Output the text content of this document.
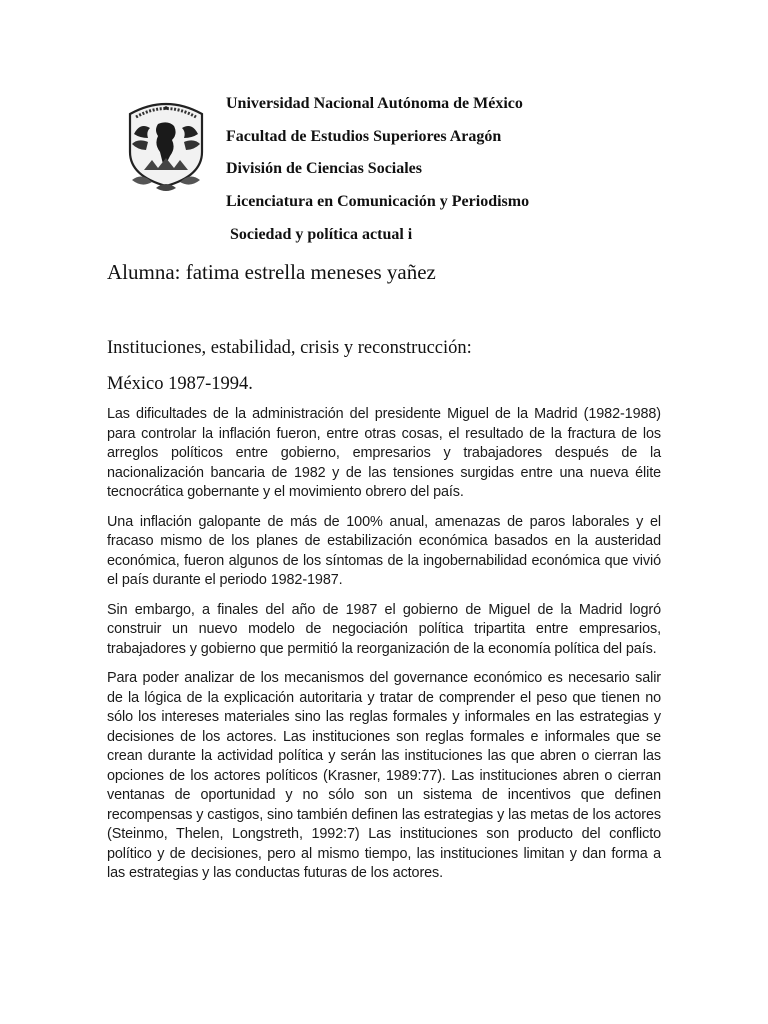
Universidad Nacional Autónoma de México
Facultad de Estudios Superiores Aragón
División de Ciencias Sociales
Licenciatura en Comunicación y Periodismo
Sociedad y política actual i
Alumna: fatima estrella meneses yañez
Instituciones, estabilidad, crisis y reconstrucción:
México 1987-1994.

Las dificultades de la administración del presidente Miguel de la Madrid (1982-1988) para controlar la inflación fueron, entre otras cosas, el resultado de la fractura de los arreglos políticos entre gobierno, empresarios y trabajadores después de la nacionalización bancaria de 1982 y de las tensiones surgidas entre una nueva élite tecnocrática gobernante y el movimiento obrero del país.

Una inflación galopante de más de 100% anual, amenazas de paros laborales y el fracaso mismo de los planes de estabilización económica basados en la austeridad económica, fueron algunos de los síntomas de la ingobernabilidad económica que vivió el país durante el periodo 1982-1987.

Sin embargo, a finales del año de 1987 el gobierno de Miguel de la Madrid logró construir un nuevo modelo de negociación política tripartita entre empresarios, trabajadores y gobierno que permitió la reorganización de la economía política del país.

Para poder analizar de los mecanismos del governance económico es necesario salir de la lógica de la explicación autoritaria y tratar de comprender el peso que tienen no sólo los intereses materiales sino las reglas formales y informales en las estrategias y decisiones de los actores. Las instituciones son reglas formales e informales que se crean durante la actividad política y serán las instituciones las que abren o cierran las opciones de los actores políticos (Krasner, 1989:77). Las instituciones abren o cierran ventanas de oportunidad y no sólo son un sistema de incentivos que definen recompensas y castigos, sino también definen las estrategias y las metas de los actores (Steinmo, Thelen, Longstreth, 1992:7) Las instituciones son producto del conflicto político y de decisiones, pero al mismo tiempo, las instituciones limitan y dan forma a las estrategias y las conductas futuras de los actores.
